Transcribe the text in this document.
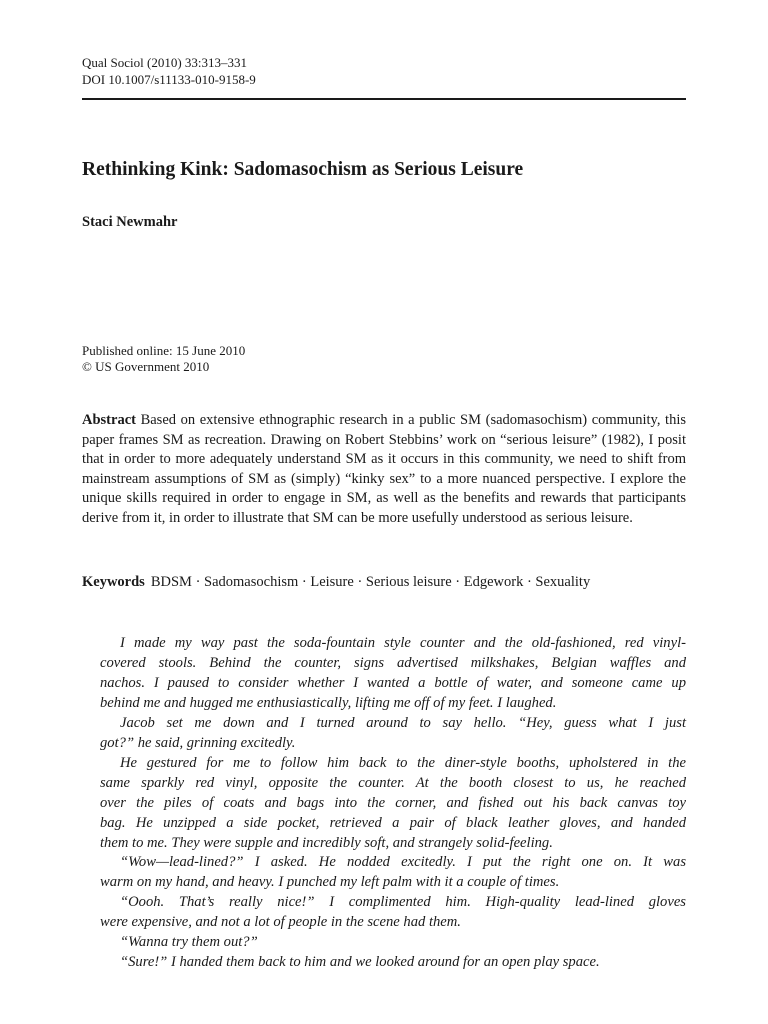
Qual Sociol (2010) 33:313–331
DOI 10.1007/s11133-010-9158-9
Rethinking Kink: Sadomasochism as Serious Leisure
Staci Newmahr
Published online: 15 June 2010
© US Government 2010

Abstract Based on extensive ethnographic research in a public SM (sadomasochism) community, this paper frames SM as recreation. Drawing on Robert Stebbins’ work on “serious leisure” (1982), I posit that in order to more adequately understand SM as it occurs in this community, we need to shift from mainstream assumptions of SM as (simply) “kinky sex” to a more nuanced perspective. I explore the unique skills required in order to engage in SM, as well as the benefits and rewards that participants derive from it, in order to illustrate that SM can be more usefully understood as serious leisure.

Keywords BDSM · Sadomasochism · Leisure · Serious leisure · Edgework · Sexuality
I made my way past the soda-fountain style counter and the old-fashioned, red vinyl-
covered stools. Behind the counter, signs advertised milkshakes, Belgian waffles and
nachos. I paused to consider whether I wanted a bottle of water, and someone came up
behind me and hugged me enthusiastically, lifting me off of my feet. I laughed.
Jacob set me down and I turned around to say hello. “Hey, guess what I just
got?” he said, grinning excitedly.
He gestured for me to follow him back to the diner-style booths, upholstered in the
same sparkly red vinyl, opposite the counter. At the booth closest to us, he reached
over the piles of coats and bags into the corner, and fished out his back canvas toy
bag. He unzipped a side pocket, retrieved a pair of black leather gloves, and handed
them to me. They were supple and incredibly soft, and strangely solid-feeling.
“Wow—lead-lined?” I asked. He nodded excitedly. I put the right one on. It was
warm on my hand, and heavy. I punched my left palm with it a couple of times.
“Oooh. That’s really nice!” I complimented him. High-quality lead-lined gloves
were expensive, and not a lot of people in the scene had them.
“Wanna try them out?”
“Sure!” I handed them back to him and we looked around for an open play space.
